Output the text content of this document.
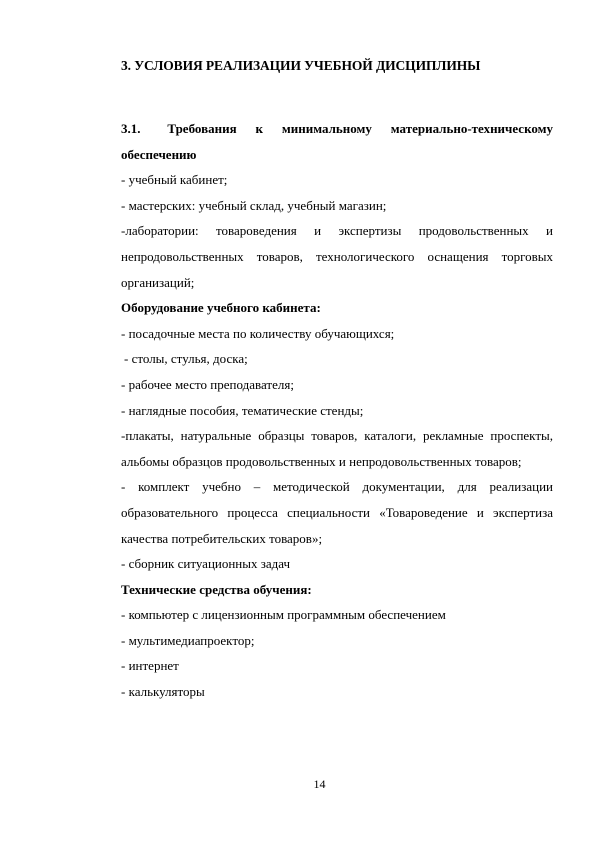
3. УСЛОВИЯ РЕАЛИЗАЦИИ УЧЕБНОЙ ДИСЦИПЛИНЫ
3.1. Требования к минимальному материально-техническому обеспечению
- учебный кабинет;
- мастерских: учебный склад, учебный магазин;
-лаборатории: товароведения и экспертизы продовольственных и непродовольственных товаров, технологического оснащения торговых организаций;
Оборудование учебного кабинета:
- посадочные места по количеству обучающихся;
- столы, стулья, доска;
- рабочее место преподавателя;
- наглядные пособия, тематические стенды;
-плакаты, натуральные образцы товаров, каталоги, рекламные проспекты, альбомы образцов продовольственных и непродовольственных товаров;
- комплект учебно – методической документации, для реализации образовательного процесса специальности «Товароведение и экспертиза качества потребительских товаров»;
- сборник ситуационных задач
Технические средства обучения:
- компьютер с лицензионным программным обеспечением
- мультимедиапроектор;
- интернет
- калькуляторы
14
